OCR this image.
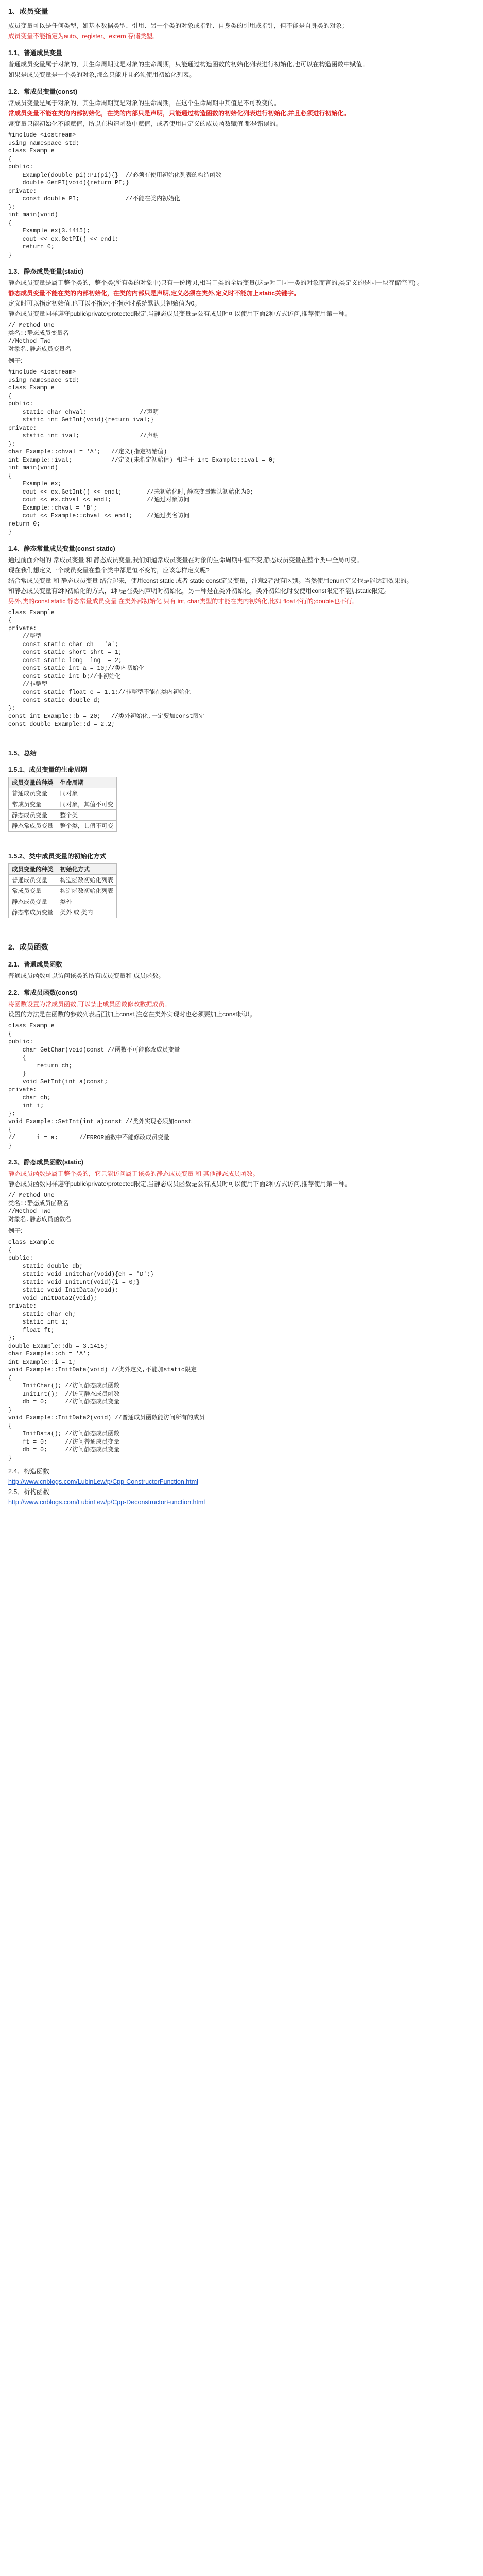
1、成员变量
成员变量可以是任何类型，如基本数据类型、引用、另一个类的对象或指针、自身类的引用或指针，但不能是自身类的对象；
成员变量不能指定为auto、register、extern 存储类型。
1.1、普通成员变量
普通成员变量属于对象的，其生命周期就是对象的生命周期，只能通过构造函数的初始化列表进行初始化,也可以在构造函数中赋值。
如果是成员变量是一个类的对象,那么只能并且必须使用初始化列表。
1.2、常成员变量(const)
常成员变量是属于对象的，其生命周期就是对象的生命周期，在这个生命周期中其值是不可改变的。
常成员变量不能在类的内部初始化，在类的内部只是声明，只能通过构造函数的初始化列表进行初始化,并且必须进行初始化。
常变量只能初始化不能赋值，所以在构造函数中赋值，或者使用自定义的成员函数赋值 都是错误的。
#include <iostream>
using namespace std;
class Example
{
public:
Example(double pi):PI(pi){}  //必须有使用初始化列表的构造函数
double GetPI(void){return PI;}
private:
const double PI;             //不能在类内初始化
};
int main(void)
{
Example ex(3.1415);
cout << ex.GetPI() << endl;
return 0;
}
1.3、静态成员变量(static)
静态成员变量是属于整个类的，整个类(所有类的对象中)只有一份拷贝,相当于类的全局变量(这是对于同一类的对象而言的,类定义的是同一块存储空间) 。
静态成员变量不能在类的内部初始化，在类的内部只是声明,定义必须在类外,定义时不能加上static关键字。
定义时可以指定初始值,也可以不指定;不指定时系统默认其初始值为0。
静态成员变量同样遵守public\private\protected限定,当静态成员变量是公有成员时可以使用下面2种方式访问,推荐使用第一种。
// Method One
类名::静态成员变量名
//Method Two
对象名.静态成员变量名
例子:
#include <iostream>
using namespace std;
class Example
{
public:
static char chval;               //声明
static int GetInt(void){return ival;}
private:
static int ival;                 //声明
};
char Example::chval = 'A';   //定义(指定初始值)
int Example::ival;           //定义(未指定初始值) 相当于 int Example::ival = 0;
int main(void)
{
Example ex;
cout << ex.GetInt() << endl;       //未初始化时,静态变量默认初始化为0;
cout << ex.chval << endl;          //通过对象访问
Example::chval = 'B';
cout << Example::chval << endl;    //通过类名访问
return 0;
}
1.4、静态常量成员变量(const static)
通过前面介绍的 常成员变量 和 静态成员变量,我们知道常成员变量在对象的生命周期中恒不变,静态成员变量在整个类中全局可变。
现在我们想定义一个成员变量在整个类中都是恒不变的，应该怎样定义呢?
结合常成员变量 和 静态成员变量 结合起来，使用const static 或者 static const定义变量，注意2者没有区别。当然使用enum定义也是能达到效果的。
和静态成员变量有2种初始化的方式，1种是在类内声明时初始化，另一种是在类外初始化，类外初始化时要使用const限定不能加static限定。
另外,类的const static 静态常量成员变量 在类外部初始化 只有 int, char类型的才能在类内初始化,比如 float不行的;double也不行。
class Example
{
private:
//整型
const static char ch = 'a';
const static short shrt = 1;
const static long  lng  = 2;
const static int a = 10;//类内初始化
const static int b;//非初始化
//非整型
const static float c = 1.1;//非整型不能在类内初始化
const static double d;
};
const int Example::b = 20;   //类外初始化,一定要加const限定
const double Example::d = 2.2;
1.5、总结
1.5.1、成员变量的生命周期
成员变量的种类	生命周期
普通成员变量	同对象
常成员变量	同对象，其值不可变
静态成员变量	整个类
静态常成员变量	整个类，其值不可变
1.5.2、类中成员变量的初始化方式
成员变量的种类	初始化方式
普通成员变量	构造函数初始化列表
常成员变量	构造函数初始化列表
静态成员变量	类外
静态常成员变量	类外 或 类内
2、成员函数
2.1、普通成员函数
普通成员函数可以访问该类的所有成员变量和 成员函数。
2.2、常成员函数(const)
将函数设置为常成员函数,可以禁止成员函数修改数据成员。
设置的方法是在函数的参数列表后面加上const,注意在类外实现时也必须要加上const标识。
class Example
{
public:
char GetChar(void)const //函数不可能修改成员变量
{
return ch;
}
void SetInt(int a)const;
private:
char ch;
int i;
};
void Example::SetInt(int a)const //类外实现必须加const
{
//      i = a;      //ERROR函数中不能修改成员变量
}
2.3、静态成员函数(static)
静态成员函数是属于整个类的，它只能访问属于该类的静态成员变量 和 其他静态成员函数。
静态成员函数同样遵守public\private\protected限定,当静态成员函数是公有成员时可以使用下面2种方式访问,推荐使用第一种。
// Method One
类名::静态成员函数名
//Method Two
对象名.静态成员函数名
例子:
class Example
{
public:
static double db;
static void InitChar(void){ch = 'D';}
static void InitInt(void){i = 0;}
static void InitData(void);
void InitData2(void);
private:
static char ch;
static int i;
float ft;
};
double Example::db = 3.1415;
char Example::ch = 'A';
int Example::i = 1;
void Example::InitData(void) //类外定义,不能加static限定
{
InitChar(); //访问静态成员函数
InitInt();  //访问静态成员函数
db = 0;     //访问静态成员变量
}
void Example::InitData2(void) //普通成员函数能访问所有的成员
{
InitData(); //访问静态成员函数
ft = 0;     //访问普通成员变量
db = 0;     //访问静态成员变量
}
2.4、构造函数
http://www.cnblogs.com/LubinLew/p/Cpp-ConstructorFunction.html
2.5、析构函数
http://www.cnblogs.com/LubinLew/p/Cpp-DeconstructorFunction.html
